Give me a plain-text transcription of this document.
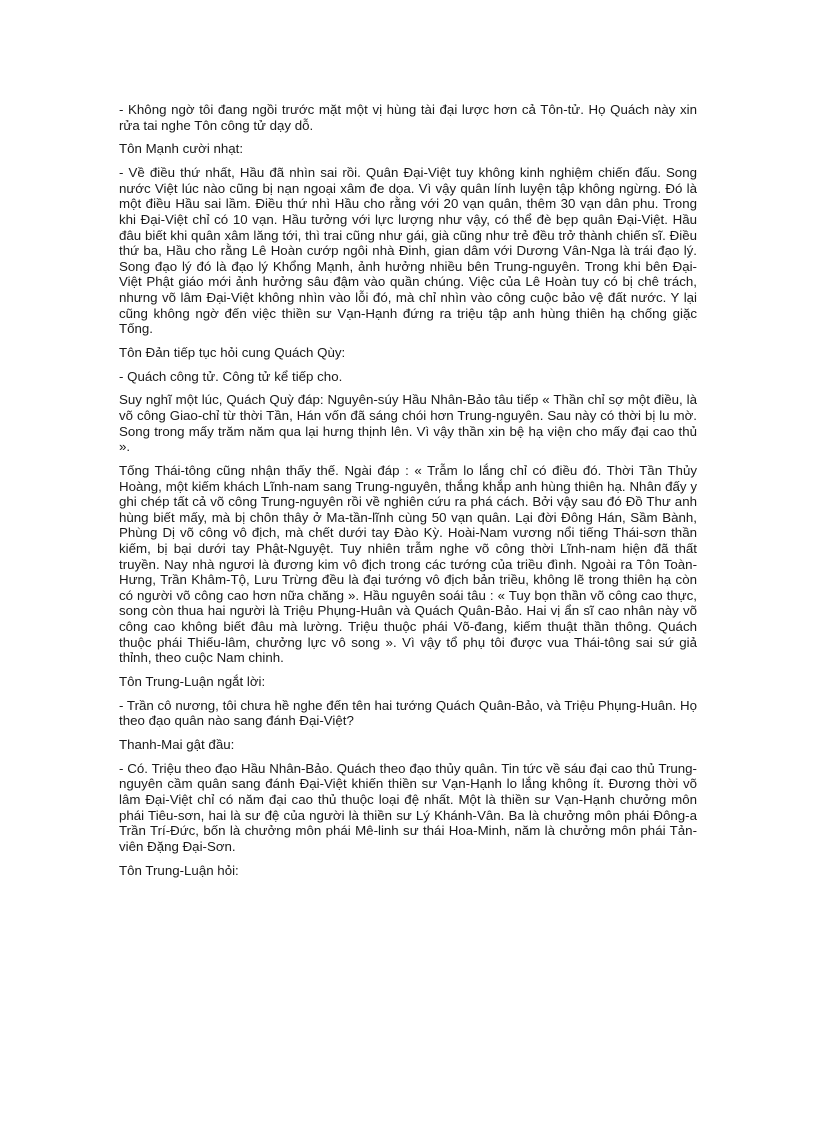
- Không ngờ tôi đang ngồi trước mặt một vị hùng tài đại lược hơn cả Tôn-tử. Họ Quách này xin rửa tai nghe Tôn công tử dạy dỗ.

Tôn Mạnh cười nhạt:

- Về điều thứ nhất, Hầu đã nhìn sai rồi. Quân Đại-Việt tuy không kinh nghiệm chiến đấu. Song nước Việt lúc nào cũng bị nạn ngoại xâm đe dọa. Vì vậy quân lính luyện tập không ngừng. Đó là một điều Hầu sai lầm. Điều thứ nhì Hầu cho rằng với 20 vạn quân, thêm 30 vạn dân phu. Trong khi Đại-Việt chỉ có 10 vạn. Hầu tưởng với lực lượng như vậy, có thể đè bẹp quân Đại-Việt. Hầu đâu biết khi quân xâm lăng tới, thì trai cũng như gái, già cũng như trẻ đều trở thành chiến sĩ. Điều thứ ba, Hầu cho rằng Lê Hoàn cướp ngôi nhà Đinh, gian dâm với Dương Vân-Nga là trái đạo lý. Song đạo lý đó là đạo lý Khổng Mạnh, ảnh hưởng nhiều bên Trung-nguyên. Trong khi bên Đại-Việt Phật giáo mới ảnh hưởng sâu đậm vào quần chúng. Việc của Lê Hoàn tuy có bị chê trách, nhưng võ lâm Đại-Việt không nhìn vào lỗi đó, mà chỉ nhìn vào công cuộc bảo vệ đất nước. Y lại cũng không ngờ đến việc thiền sư Vạn-Hạnh đứng ra triệu tập anh hùng thiên hạ chống giặc Tống.

Tôn Đản tiếp tục hỏi cung Quách Qùy:

- Quách công tử. Công tử kể tiếp cho.

Suy nghĩ một lúc, Quách Quỳ đáp: Nguyên-súy Hầu Nhân-Bảo tâu tiếp « Thần chỉ sợ một điều, là võ công Giao-chỉ từ thời Tần, Hán vốn đã sáng chói hơn Trung-nguyên. Sau này có thời bị lu mờ. Song trong mấy trăm năm qua lại hưng thịnh lên. Vì vậy thần xin bệ hạ viện cho mấy đại cao thủ ».

Tống Thái-tông cũng nhận thấy thế. Ngài đáp : « Trẫm lo lắng chỉ có điều đó. Thời Tần Thủy Hoàng, một kiếm khách Lĩnh-nam sang Trung-nguyên, thắng khắp anh hùng thiên hạ. Nhân đấy y ghi chép tất cả võ công Trung-nguyên rồi về nghiên cứu ra phá cách. Bởi vậy sau đó Đồ Thư anh hùng biết mấy, mà bị chôn thây ở Ma-tần-lĩnh cùng 50 vạn quân. Lại đời Đông Hán, Sầm Bành, Phùng Dị võ công vô địch, mà chết dưới tay Đào Kỳ. Hoài-Nam vương nổi tiếng Thái-sơn thần kiếm, bị bại dưới tay Phật-Nguyệt. Tuy nhiên trẫm nghe võ công thời Lĩnh-nam hiện đã thất truyền. Nay nhà ngươi là đương kim vô địch trong các tướng của triều đình. Ngoài ra Tôn Toàn-Hưng, Trần Khâm-Tộ, Lưu Trừng đều là đại tướng vô địch bản triều, không lẽ trong thiên hạ còn có người võ công cao hơn nữa chăng ». Hầu nguyên soái tâu : « Tuy bọn thần võ công cao thực, song còn thua hai người là Triệu Phụng-Huân và Quách Quân-Bảo. Hai vị ẩn sĩ cao nhân này võ công cao không biết đâu mà lường. Triệu thuộc phái Võ-đang, kiếm thuật thần thông. Quách thuộc phái Thiếu-lâm, chưởng lực vô song ». Vì vậy tổ phụ tôi được vua Thái-tông sai sứ giả thỉnh, theo cuộc Nam chinh.

Tôn Trung-Luận ngắt lời:

- Trần cô nương, tôi chưa hề nghe đến tên hai tướng Quách Quân-Bảo, và Triệu Phụng-Huân. Họ theo đạo quân nào sang đánh Đại-Việt?

Thanh-Mai gật đầu:

- Có. Triệu theo đạo Hầu Nhân-Bảo. Quách theo đạo thủy quân. Tin tức về sáu đại cao thủ Trung-nguyên cầm quân sang đánh Đại-Việt khiến thiền sư Vạn-Hạnh lo lắng không ít. Đương thời võ lâm Đại-Việt chỉ có năm đại cao thủ thuộc loại đệ nhất. Một là thiền sư Vạn-Hạnh chưởng môn phái Tiêu-sơn, hai là sư đệ của người là thiền sư Lý Khánh-Vân. Ba là chưởng môn phái Đông-a Trần Trí-Đức, bốn là chưởng môn phái Mê-linh sư thái Hoa-Minh, năm là chưởng môn phái Tản-viên Đặng Đại-Sơn.

Tôn Trung-Luận hỏi:
